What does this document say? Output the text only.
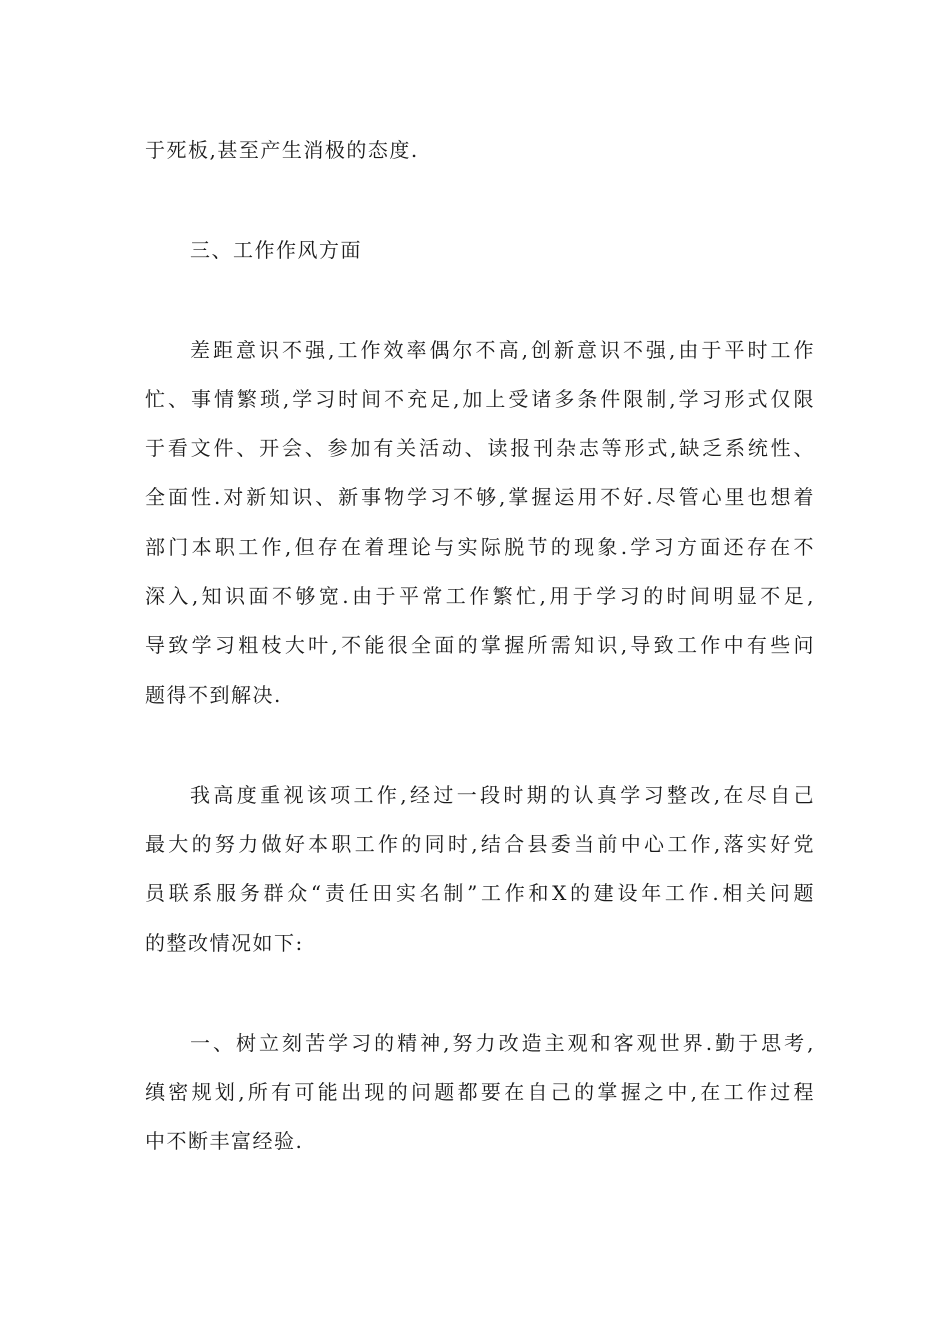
于死板,甚至产生消极的态度.
三、工作作风方面
差距意识不强,工作效率偶尔不高,创新意识不强,由于平时工作
忙、事情繁琐,学习时间不充足,加上受诸多条件限制,学习形式仅限
于看文件、开会、参加有关活动、读报刊杂志等形式,缺乏系统性、
全面性.对新知识、新事物学习不够,掌握运用不好.尽管心里也想着
部门本职工作,但存在着理论与实际脱节的现象.学习方面还存在不
深入,知识面不够宽.由于平常工作繁忙,用于学习的时间明显不足,
导致学习粗枝大叶,不能很全面的掌握所需知识,导致工作中有些问
题得不到解决.
我高度重视该项工作,经过一段时期的认真学习整改,在尽自己
最大的努力做好本职工作的同时,结合县委当前中心工作,落实好党
员联系服务群众“责任田实名制”工作和X的建设年工作.相关问题
的整改情况如下:
一、树立刻苦学习的精神,努力改造主观和客观世界.勤于思考,
缜密规划,所有可能出现的问题都要在自己的掌握之中,在工作过程
中不断丰富经验.
